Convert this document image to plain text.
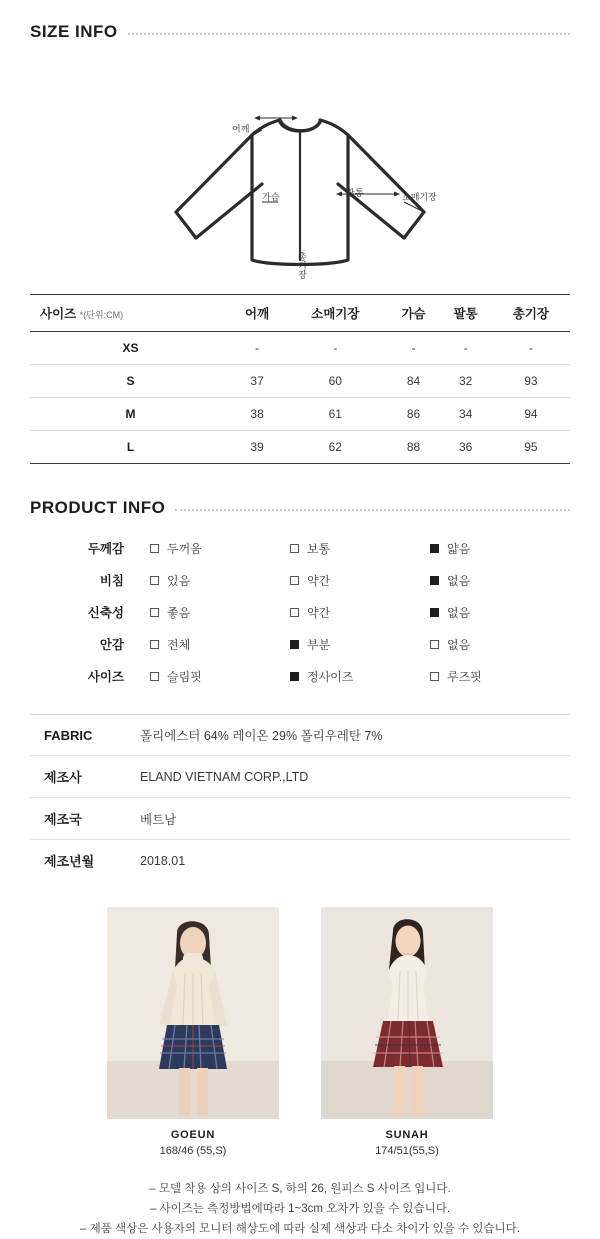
SIZE INFO
어깨
가슴	팔통	소매기장
총기장
사이즈 *(단위:CM)	어깨	소매기장	가슴	팔통	총기장
XS	-	-	-	-	-
S	37	60	84	32	93
M	38	61	86	34	94
L	39	62	88	36	95
PRODUCT INFO
두께감	두꺼움	보통	얇음

비침	있음	약간	없음

신축성	좋음	약간	없음

안감	전체	부분	없음

사이즈	슬림핏	정사이즈	루즈핏
FABRIC	폴리에스터 64% 레이온 29% 폴리우레탄 7%
제조사	ELAND VIETNAM CORP.,LTD
제조국	베트남
제조년월	2018.01
GOEUN
168/46 (55,S)
SUNAH
174/51(55,S)
– 모델 착용 상의 사이즈 S, 하의 26, 원피스 S 사이즈 입니다.
– 사이즈는 측정방법에따라 1~3cm 오차가 있을 수 있습니다.
– 제품 색상은 사용자의 모니터 해상도에 따라 실제 색상과 다소 차이가 있을 수 있습니다.
